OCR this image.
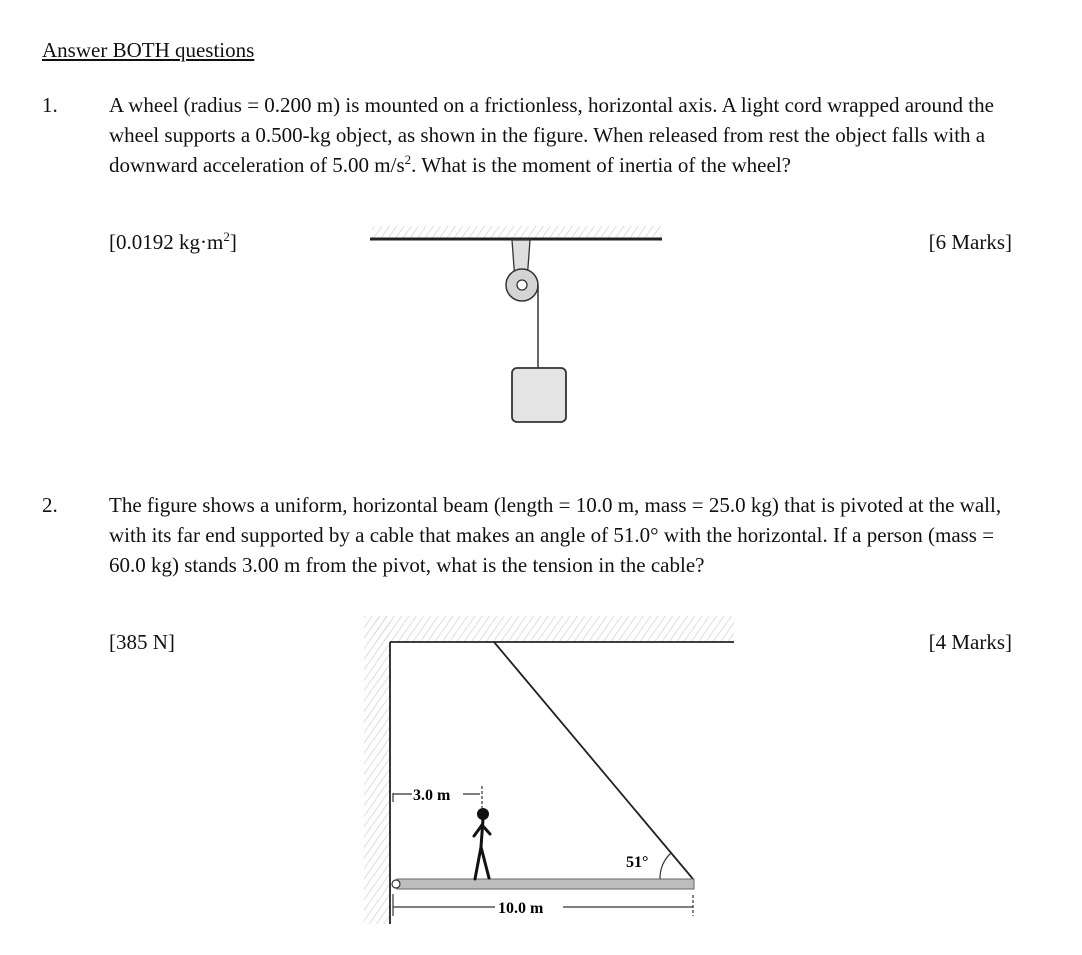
Answer BOTH questions
1. A wheel (radius = 0.200 m) is mounted on a frictionless, horizontal axis. A light cord wrapped around the wheel supports a 0.500-kg object, as shown in the figure. When released from rest the object falls with a downward acceleration of 5.00 $m/s^2$. What is the moment of inertia of the wheel?
[0.0192 $kg\cdot m^2$]	[6 Marks]
2. The figure shows a uniform, horizontal beam (length = 10.0 m, mass = 25.0 kg) that is pivoted at the wall, with its far end supported by a cable that makes an angle of 51.0° with the horizontal. If a person (mass = 60.0 kg) stands 3.00 m from the pivot, what is the tension in the cable?
[385 N]	[4 Marks]
51°
3.0 m
10.0 m
